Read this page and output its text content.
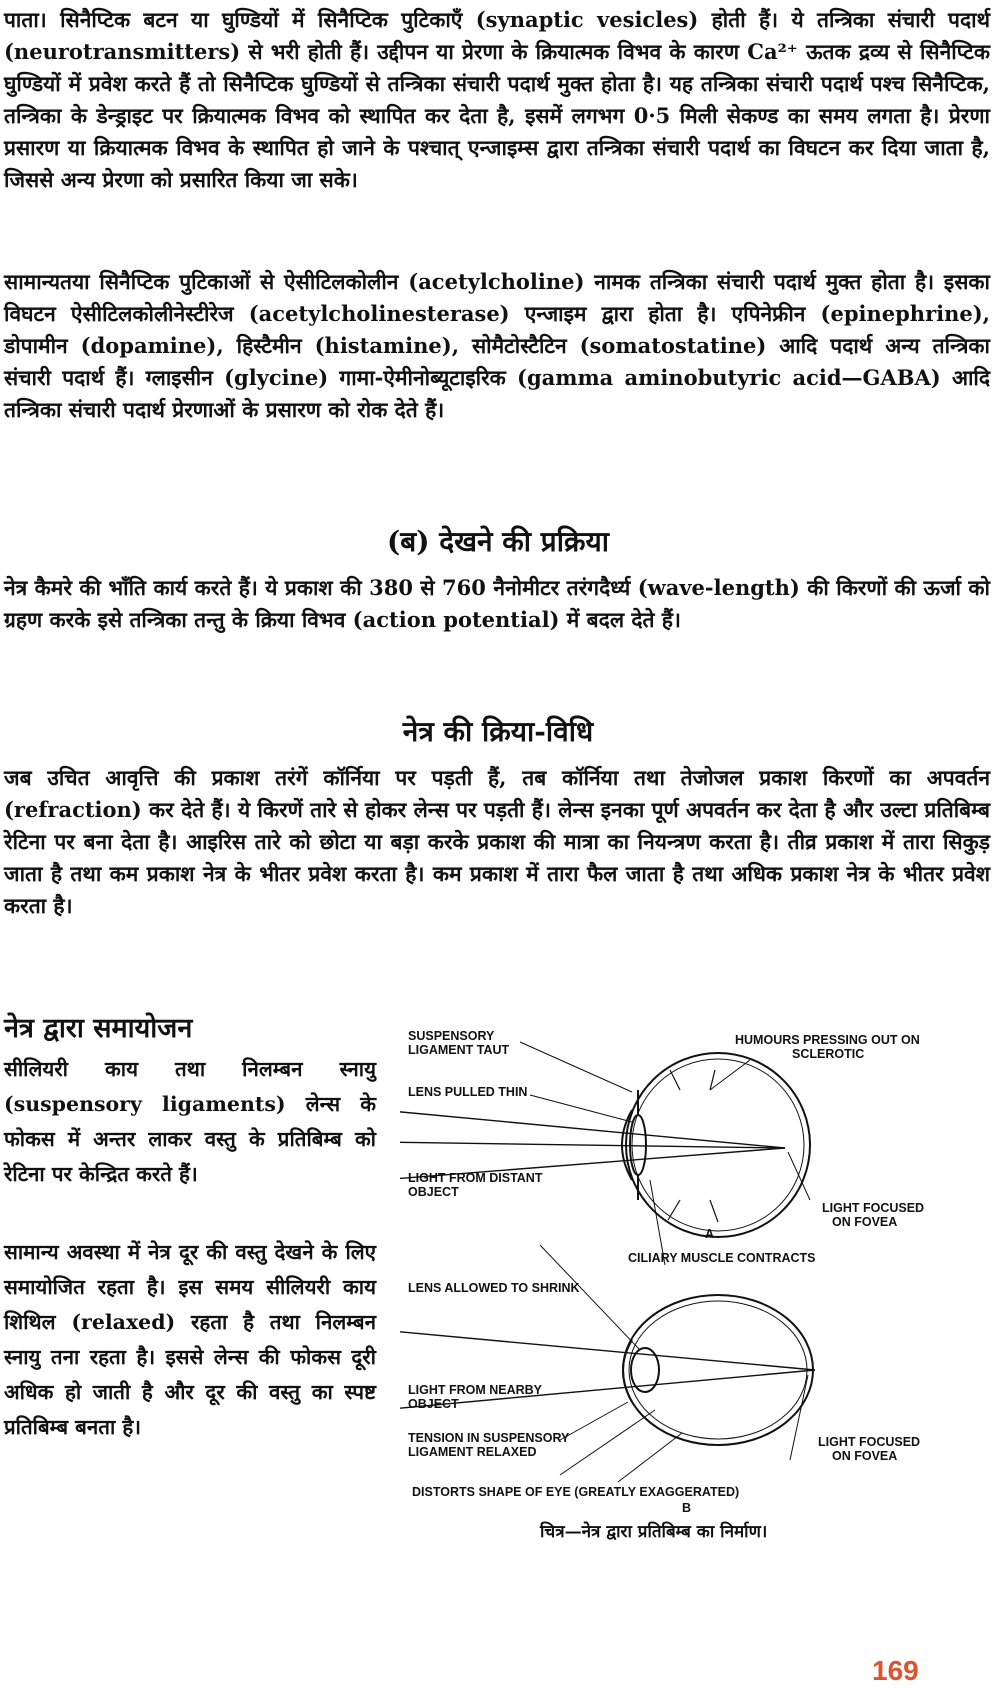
पाता। सिनैप्टिक बटन या घुण्डियों में सिनैप्टिक पुटिकाएँ (synaptic vesicles) होती हैं। ये तन्त्रिका संचारी पदार्थ (neurotransmitters) से भरी होती हैं। उद्दीपन या प्रेरणा के क्रियात्मक विभव के कारण Ca²⁺ ऊतक द्रव्य से सिनैप्टिक घुण्डियों में प्रवेश करते हैं तो सिनैप्टिक घुण्डियों से तन्त्रिका संचारी पदार्थ मुक्त होता है। यह तन्त्रिका संचारी पदार्थ पश्च सिनैप्टिक, तन्त्रिका के डेन्ड्राइट पर क्रियात्मक विभव को स्थापित कर देता है, इसमें लगभग 0·5 मिली सेकण्ड का समय लगता है। प्रेरणा प्रसारण या क्रियात्मक विभव के स्थापित हो जाने के पश्चात् एन्जाइम्स द्वारा तन्त्रिका संचारी पदार्थ का विघटन कर दिया जाता है, जिससे अन्य प्रेरणा को प्रसारित किया जा सके।

सामान्यतया सिनैप्टिक पुटिकाओं से ऐसीटिलकोलीन (acetylcholine) नामक तन्त्रिका संचारी पदार्थ मुक्त होता है। इसका विघटन ऐसीटिलकोलीनेस्टीरेज (acetylcholinesterase) एन्जाइम द्वारा होता है। एपिनेफ्रीन (epinephrine), डोपामीन (dopamine), हिस्टैमीन (histamine), सोमैटोस्टैटिन (somatostatine) आदि पदार्थ अन्य तन्त्रिका संचारी पदार्थ हैं। ग्लाइसीन (glycine) गामा-ऐमीनोब्यूटाइरिक (gamma aminobutyric acid—GABA) आदि तन्त्रिका संचारी पदार्थ प्रेरणाओं के प्रसारण को रोक देते हैं।

(ब) देखने की प्रक्रिया

नेत्र कैमरे की भाँति कार्य करते हैं। ये प्रकाश की 380 से 760 नैनोमीटर तरंगदैर्ध्य (wave-length) की किरणों की ऊर्जा को ग्रहण करके इसे तन्त्रिका तन्तु के क्रिया विभव (action potential) में बदल देते हैं।

नेत्र की क्रिया-विधि

जब उचित आवृत्ति की प्रकाश तरंगें कॉर्निया पर पड़ती हैं, तब कॉर्निया तथा तेजोजल प्रकाश किरणों का अपवर्तन (refraction) कर देते हैं। ये किरणें तारे से होकर लेन्स पर पड़ती हैं। लेन्स इनका पूर्ण अपवर्तन कर देता है और उल्टा प्रतिबिम्ब रेटिना पर बना देता है। आइरिस तारे को छोटा या बड़ा करके प्रकाश की मात्रा का नियन्त्रण करता है। तीव्र प्रकाश में तारा सिकुड़ जाता है तथा कम प्रकाश नेत्र के भीतर प्रवेश करता है। कम प्रकाश में तारा फैल जाता है तथा अधिक प्रकाश नेत्र के भीतर प्रवेश करता है।

नेत्र द्वारा समायोजन

सीलियरी काय तथा निलम्बन स्नायु (suspensory ligaments) लेन्स के फोकस में अन्तर लाकर वस्तु के प्रतिबिम्ब को रेटिना पर केन्द्रित करते हैं।

सामान्य अवस्था में नेत्र दूर की वस्तु देखने के लिए समायोजित रहता है। इस समय सीलियरी काय शिथिल (relaxed) रहता है तथा निलम्बन स्नायु तना रहता है। इससे लेन्स की फोकस दूरी अधिक हो जाती है और दूर की वस्तु का स्पष्ट प्रतिबिम्ब बनता है।

SUSPENSORY
LIGAMENT TAUT
HUMOURS PRESSING OUT ON
SCLEROTIC
LENS PULLED THIN
LIGHT FROM DISTANT
OBJECT
LIGHT FOCUSED
ON FOVEA
A
CILIARY MUSCLE CONTRACTS
LENS ALLOWED TO SHRINK
LIGHT FROM NEARBY
OBJECT
TENSION IN SUSPENSORY
LIGAMENT RELAXED
LIGHT FOCUSED
ON FOVEA
DISTORTS SHAPE OF EYE (GREATLY EXAGGERATED)
B

चित्र—नेत्र द्वारा प्रतिबिम्ब का निर्माण।

169
